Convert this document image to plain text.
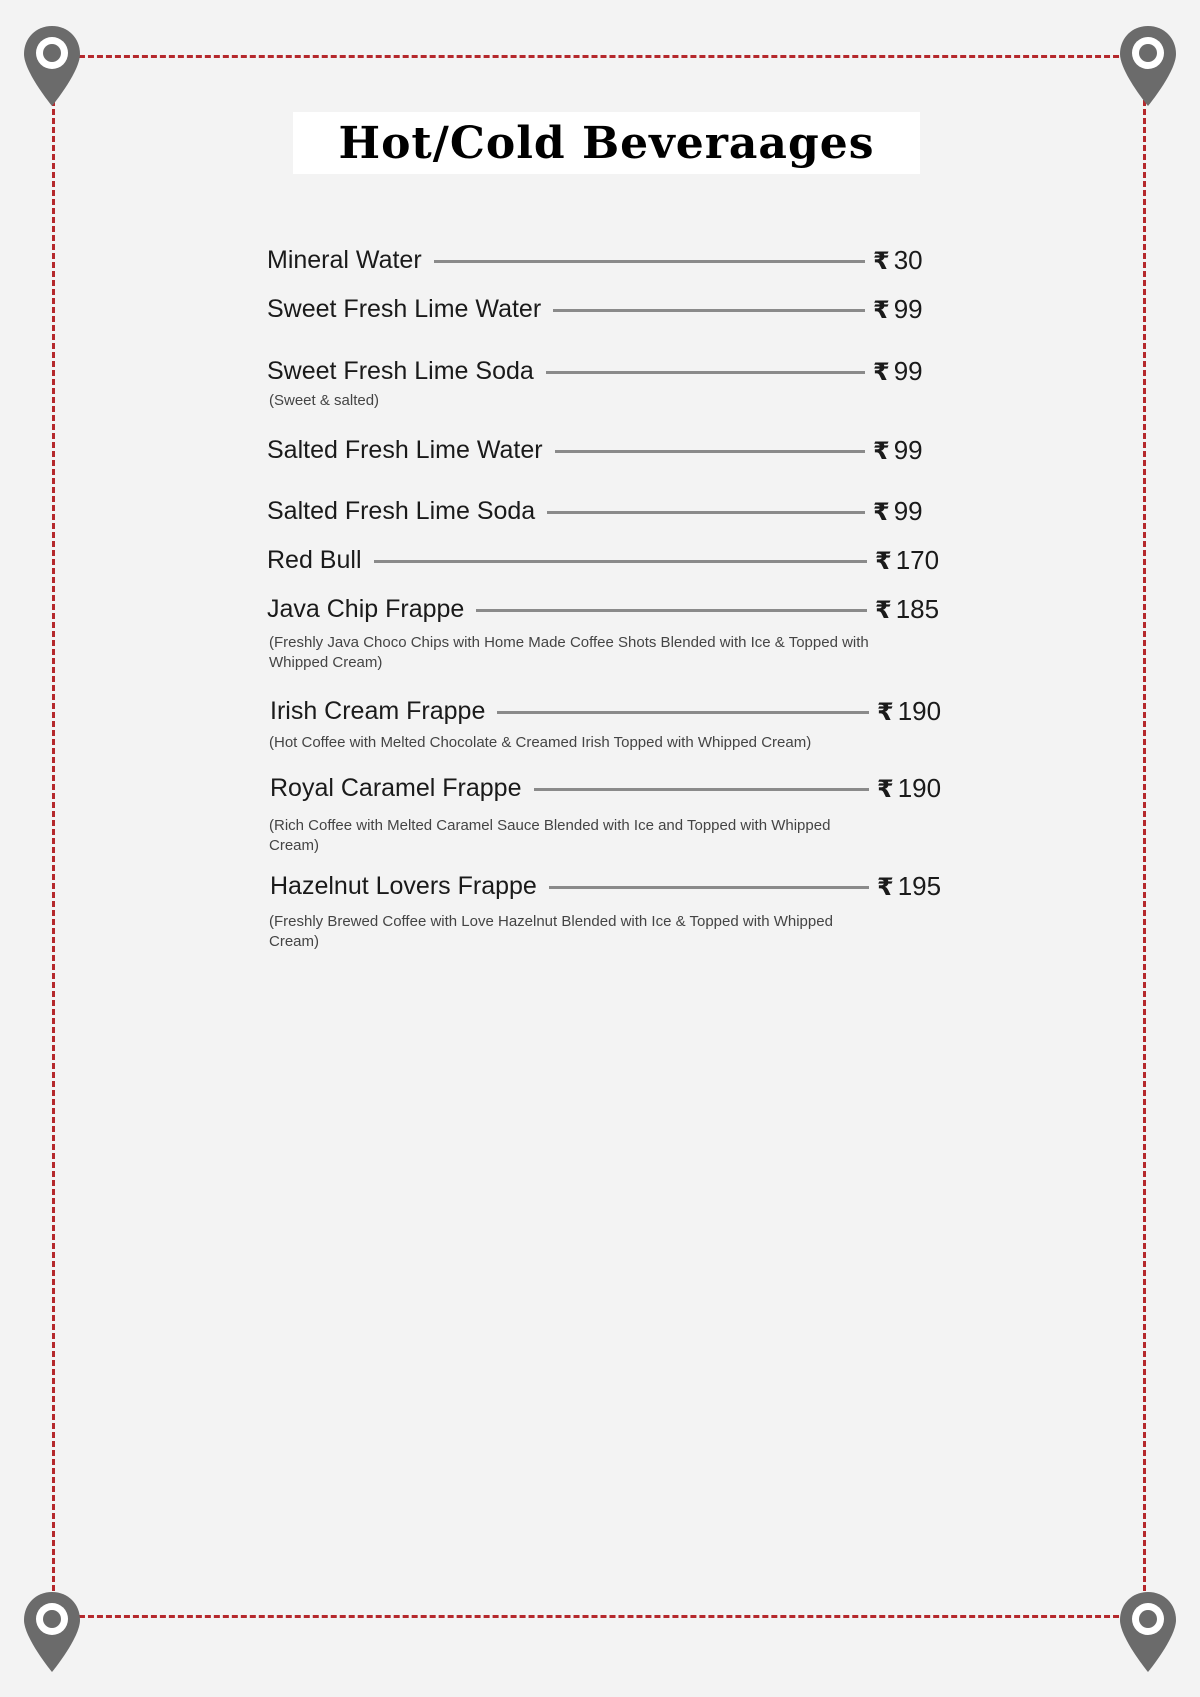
Hot/Cold Beveraages
Mineral Water	₹ 30
Sweet Fresh Lime Water	₹ 99
Sweet Fresh Lime Soda	₹ 99
(Sweet & salted)
Salted Fresh Lime Water	₹ 99
Salted Fresh Lime Soda	₹ 99
Red Bull	₹ 170
Java Chip Frappe	₹ 185
(Freshly Java Choco Chips with Home Made Coffee Shots Blended with Ice & Topped with Whipped Cream)
Irish Cream Frappe	₹ 190
(Hot Coffee with Melted Chocolate & Creamed Irish Topped with Whipped Cream)
Royal Caramel Frappe	₹ 190
(Rich Coffee with Melted Caramel Sauce Blended with Ice and Topped with Whipped Cream)
Hazelnut Lovers Frappe	₹ 195
(Freshly Brewed Coffee with Love Hazelnut Blended with Ice & Topped with Whipped Cream)
